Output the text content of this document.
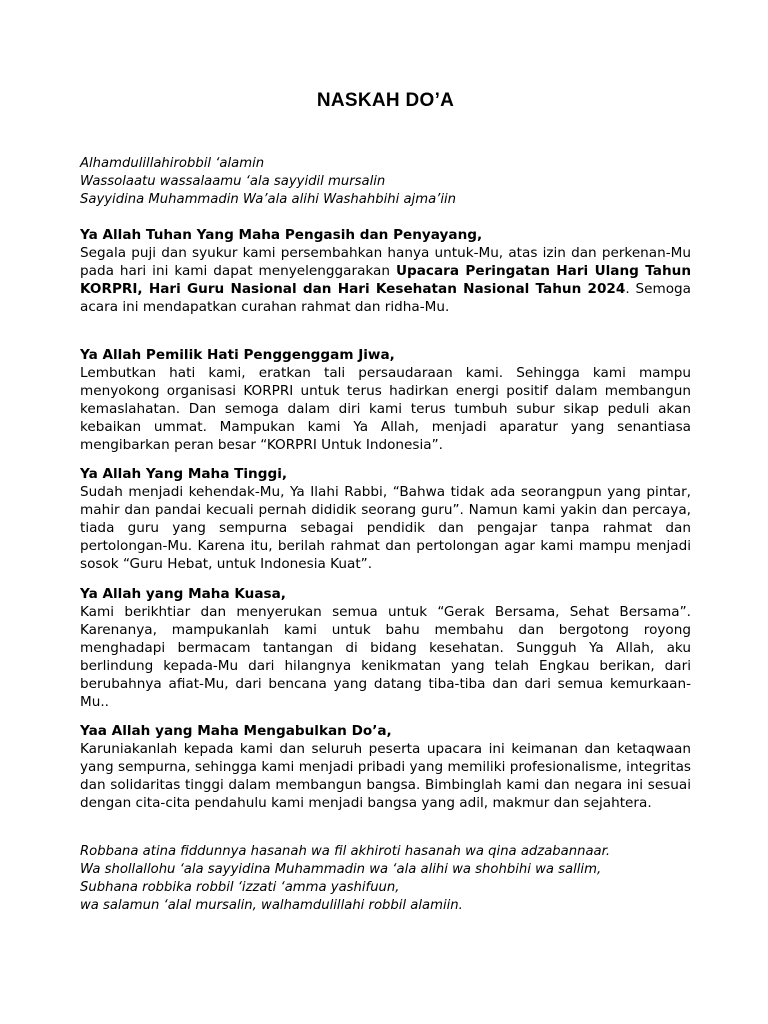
NASKAH DO’A
Alhamdulillahirobbil ‘alamin
Wassolaatu wassalaamu ‘ala sayyidil mursalin
Sayyidina Muhammadin Wa’ala alihi Washahbihi ajma’iin
Ya Allah Tuhan Yang Maha Pengasih dan Penyayang,
Segala puji dan syukur kami persembahkan hanya untuk-Mu, atas izin dan perkenan-Mu pada hari ini kami dapat menyelenggarakan Upacara Peringatan Hari Ulang Tahun KORPRI, Hari Guru Nasional dan Hari Kesehatan Nasional Tahun 2024. Semoga acara ini mendapatkan curahan rahmat dan ridha-Mu.
Ya Allah Pemilik Hati Penggenggam Jiwa,
Lembutkan hati kami, eratkan tali persaudaraan kami. Sehingga kami mampu menyokong organisasi KORPRI untuk terus hadirkan energi positif dalam membangun kemaslahatan. Dan semoga dalam diri kami terus tumbuh subur sikap peduli akan kebaikan ummat. Mampukan kami Ya Allah, menjadi aparatur yang senantiasa mengibarkan peran besar “KORPRI Untuk Indonesia”.
Ya Allah Yang Maha Tinggi,
Sudah menjadi kehendak-Mu, Ya Ilahi Rabbi, “Bahwa tidak ada seorangpun yang pintar, mahir dan pandai kecuali pernah dididik seorang guru”. Namun kami yakin dan percaya, tiada guru yang sempurna sebagai pendidik dan pengajar tanpa rahmat dan pertolongan-Mu. Karena itu, berilah rahmat dan pertolongan agar kami mampu menjadi sosok “Guru Hebat, untuk Indonesia Kuat”.
Ya Allah yang Maha Kuasa,
Kami berikhtiar dan menyerukan semua untuk “Gerak Bersama, Sehat Bersama”. Karenanya, mampukanlah kami untuk bahu membahu dan bergotong royong menghadapi bermacam tantangan di bidang kesehatan. Sungguh Ya Allah, aku berlindung kepada-Mu dari hilangnya kenikmatan yang telah Engkau berikan, dari berubahnya afiat-Mu, dari bencana yang datang tiba-tiba dan dari semua kemurkaan-Mu..
Yaa Allah yang Maha Mengabulkan Do’a,
Karuniakanlah kepada kami dan seluruh peserta upacara ini keimanan dan ketaqwaan yang sempurna, sehingga kami menjadi pribadi yang memiliki profesionalisme, integritas dan solidaritas tinggi dalam membangun bangsa. Bimbinglah kami dan negara ini sesuai dengan cita-cita pendahulu kami menjadi bangsa yang adil, makmur dan sejahtera.
Robbana atina fiddunnya hasanah wa fil akhiroti hasanah wa qina adzabannaar.
Wa shollallohu ‘ala sayyidina Muhammadin wa ‘ala alihi wa shohbihi wa sallim,
Subhana robbika robbil ‘izzati ‘amma yashifuun,
wa salamun ‘alal mursalin, walhamdulillahi robbil alamiin.
